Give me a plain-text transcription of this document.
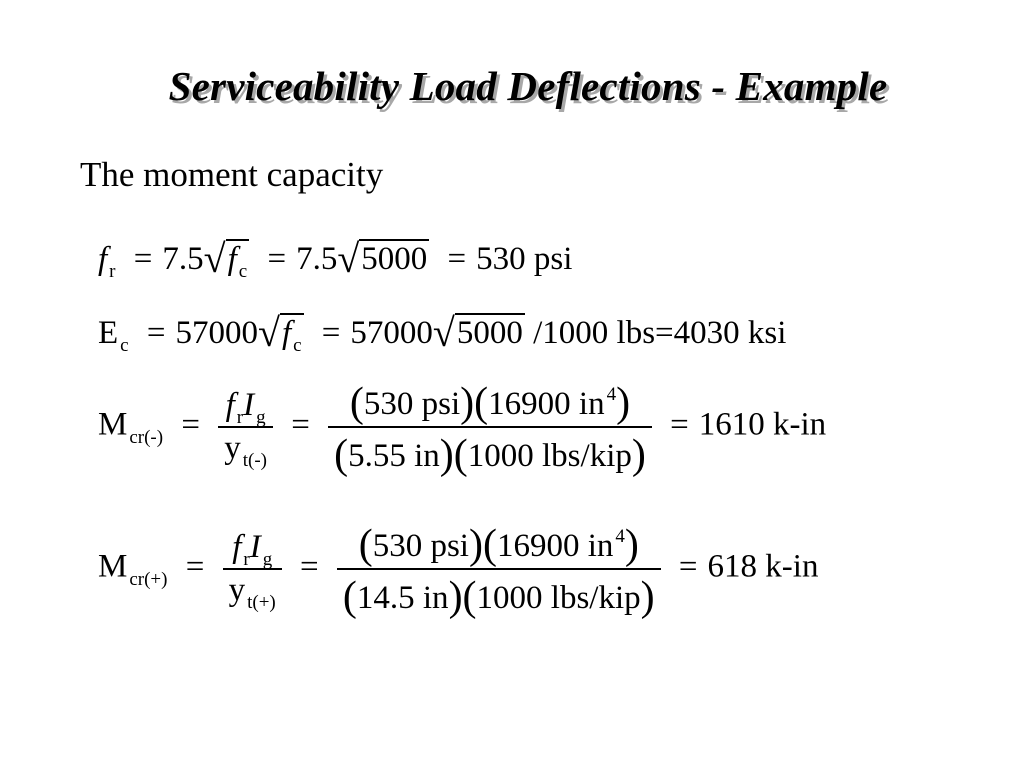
Serviceability Load Deflections - Example
The moment capacity
f $_r$ = 7.5√f $_c$ = 7.5√5000 = 530 psi
E $_c$ = 57000√f $_c$ = 57000√5000 /1000 lbs=4030 ksi
M $_{cr(-)} = \frac{f _rI _g}{y _{t(-)}} = \frac{(530 psi)(16900 in ^4)}{\text{(5.55 in)(1000 lbs/kip)}} = 1610$ k-in
M $_{cr(+)} = \frac{f _rI _g}{y _{t(+)}} = \frac{(530 psi)(16900 in ^4)}{\text{(14.5 in)(1000 lbs/kip)}} = 618$ k-in
